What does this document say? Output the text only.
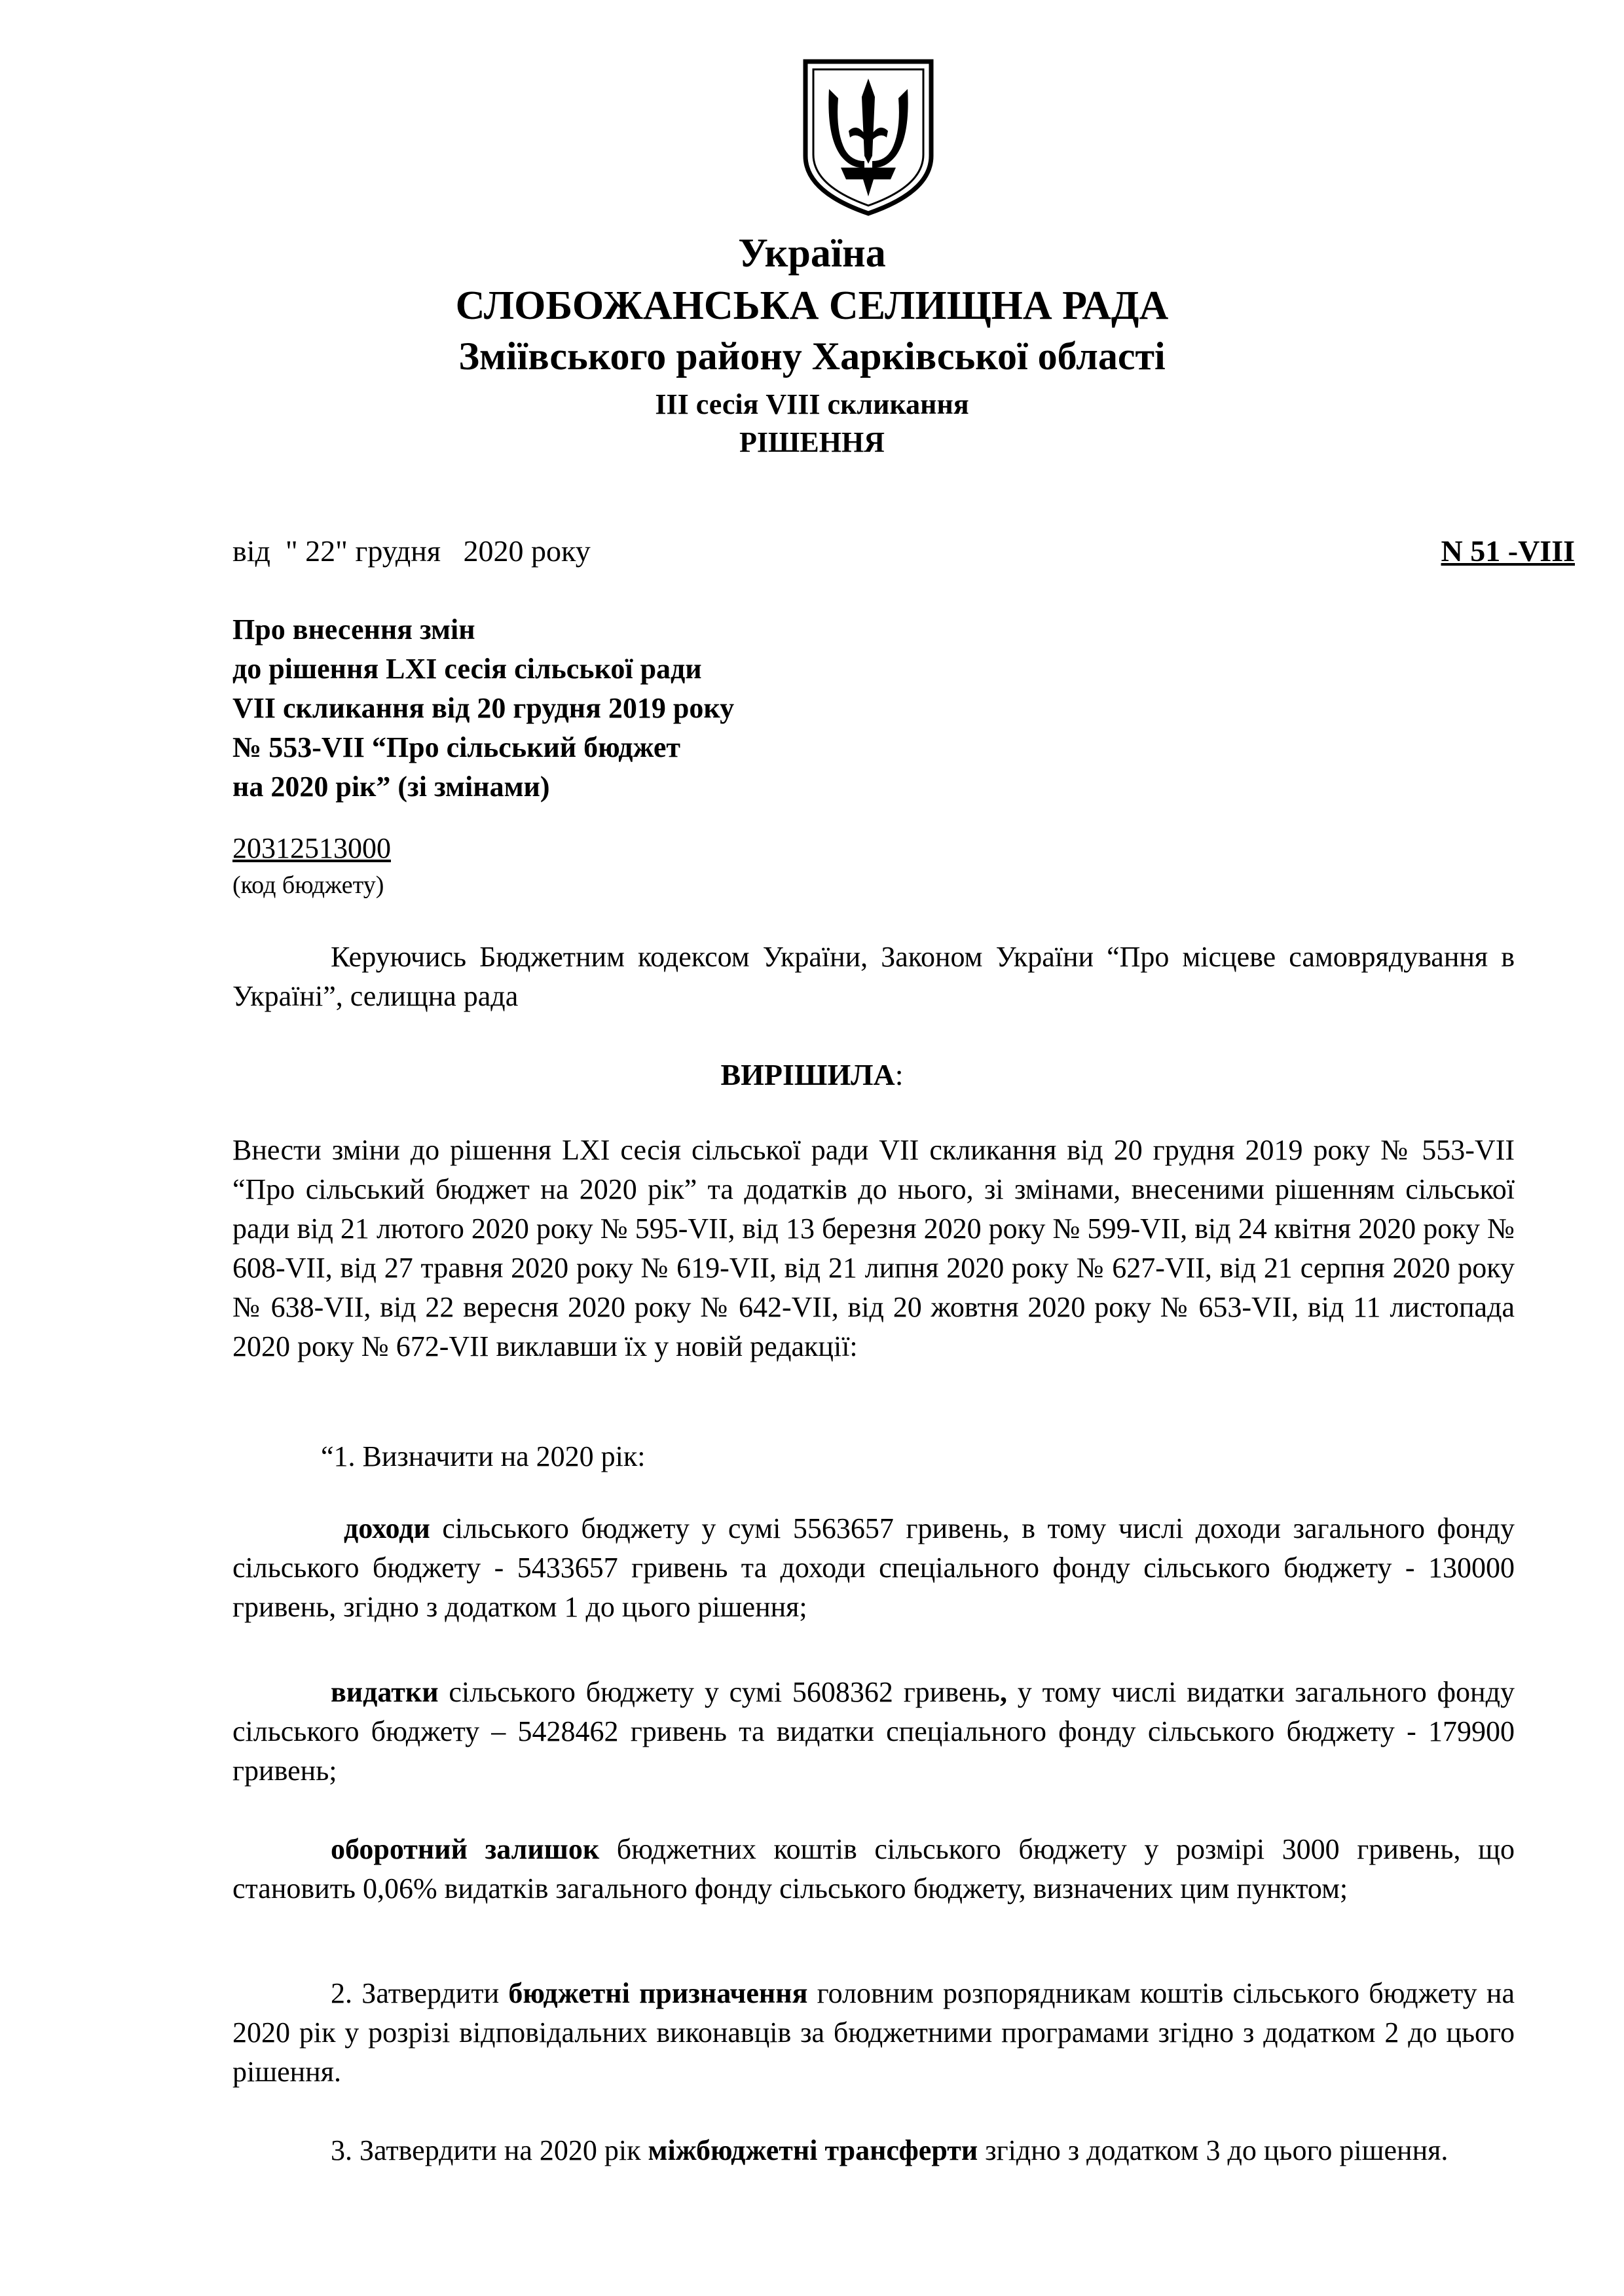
Україна
СЛОБОЖАНСЬКА СЕЛИЩНА РАДА
Зміївського району Харківської області
ІІІ сесія VIIІ скликання
РІШЕННЯ
від  " 22" грудня   2020 року	N 51 -VIII
Про внесення змін
до рішення LXI сесія сільської ради
VII скликання від 20 грудня 2019 року
№ 553-VII “Про сільський бюджет
на 2020 рік” (зі змінами)
20312513000
(код бюджету)
Керуючись Бюджетним кодексом України, Законом України “Про місцеве самоврядування в Україні”, селищна рада
ВИРІШИЛА:
Внести зміни до рішення LXI сесія сільської ради VII скликання від 20 грудня 2019 року № 553-VII “Про сільський бюджет на 2020 рік” та додатків до нього, зі змінами, внесеними рішенням сільської ради від 21 лютого 2020 року № 595-VII, від 13 березня 2020 року № 599-VII, від 24 квітня 2020 року № 608-VII, від 27 травня 2020 року № 619-VII, від 21 липня 2020 року № 627-VII, від 21 серпня 2020 року № 638-VII, від 22 вересня 2020 року № 642-VII, від 20 жовтня 2020 року № 653-VII, від 11 листопада 2020 року № 672-VII виклавши їх у новій редакції:
“1. Визначити на 2020 рік:
доходи сільського бюджету у сумі 5563657 гривень, в тому числі доходи загального фонду сільського бюджету - 5433657 гривень та доходи спеціального фонду сільського бюджету - 130000 гривень, згідно з додатком 1 до цього рішення;
видатки сільського бюджету у сумі 5608362 гривень, у тому числі видатки загального фонду сільського бюджету – 5428462 гривень та видатки спеціального фонду сільського бюджету - 179900 гривень;
оборотний залишок бюджетних коштів сільського бюджету у розмірі 3000 гривень, що становить 0,06% видатків загального фонду сільського бюджету, визначених цим пунктом;
2. Затвердити бюджетні призначення головним розпорядникам коштів сільського бюджету на 2020 рік у розрізі відповідальних виконавців за бюджетними програмами згідно з додатком 2 до цього рішення.
3. Затвердити на 2020 рік міжбюджетні трансферти згідно з додатком 3 до цього рішення.
